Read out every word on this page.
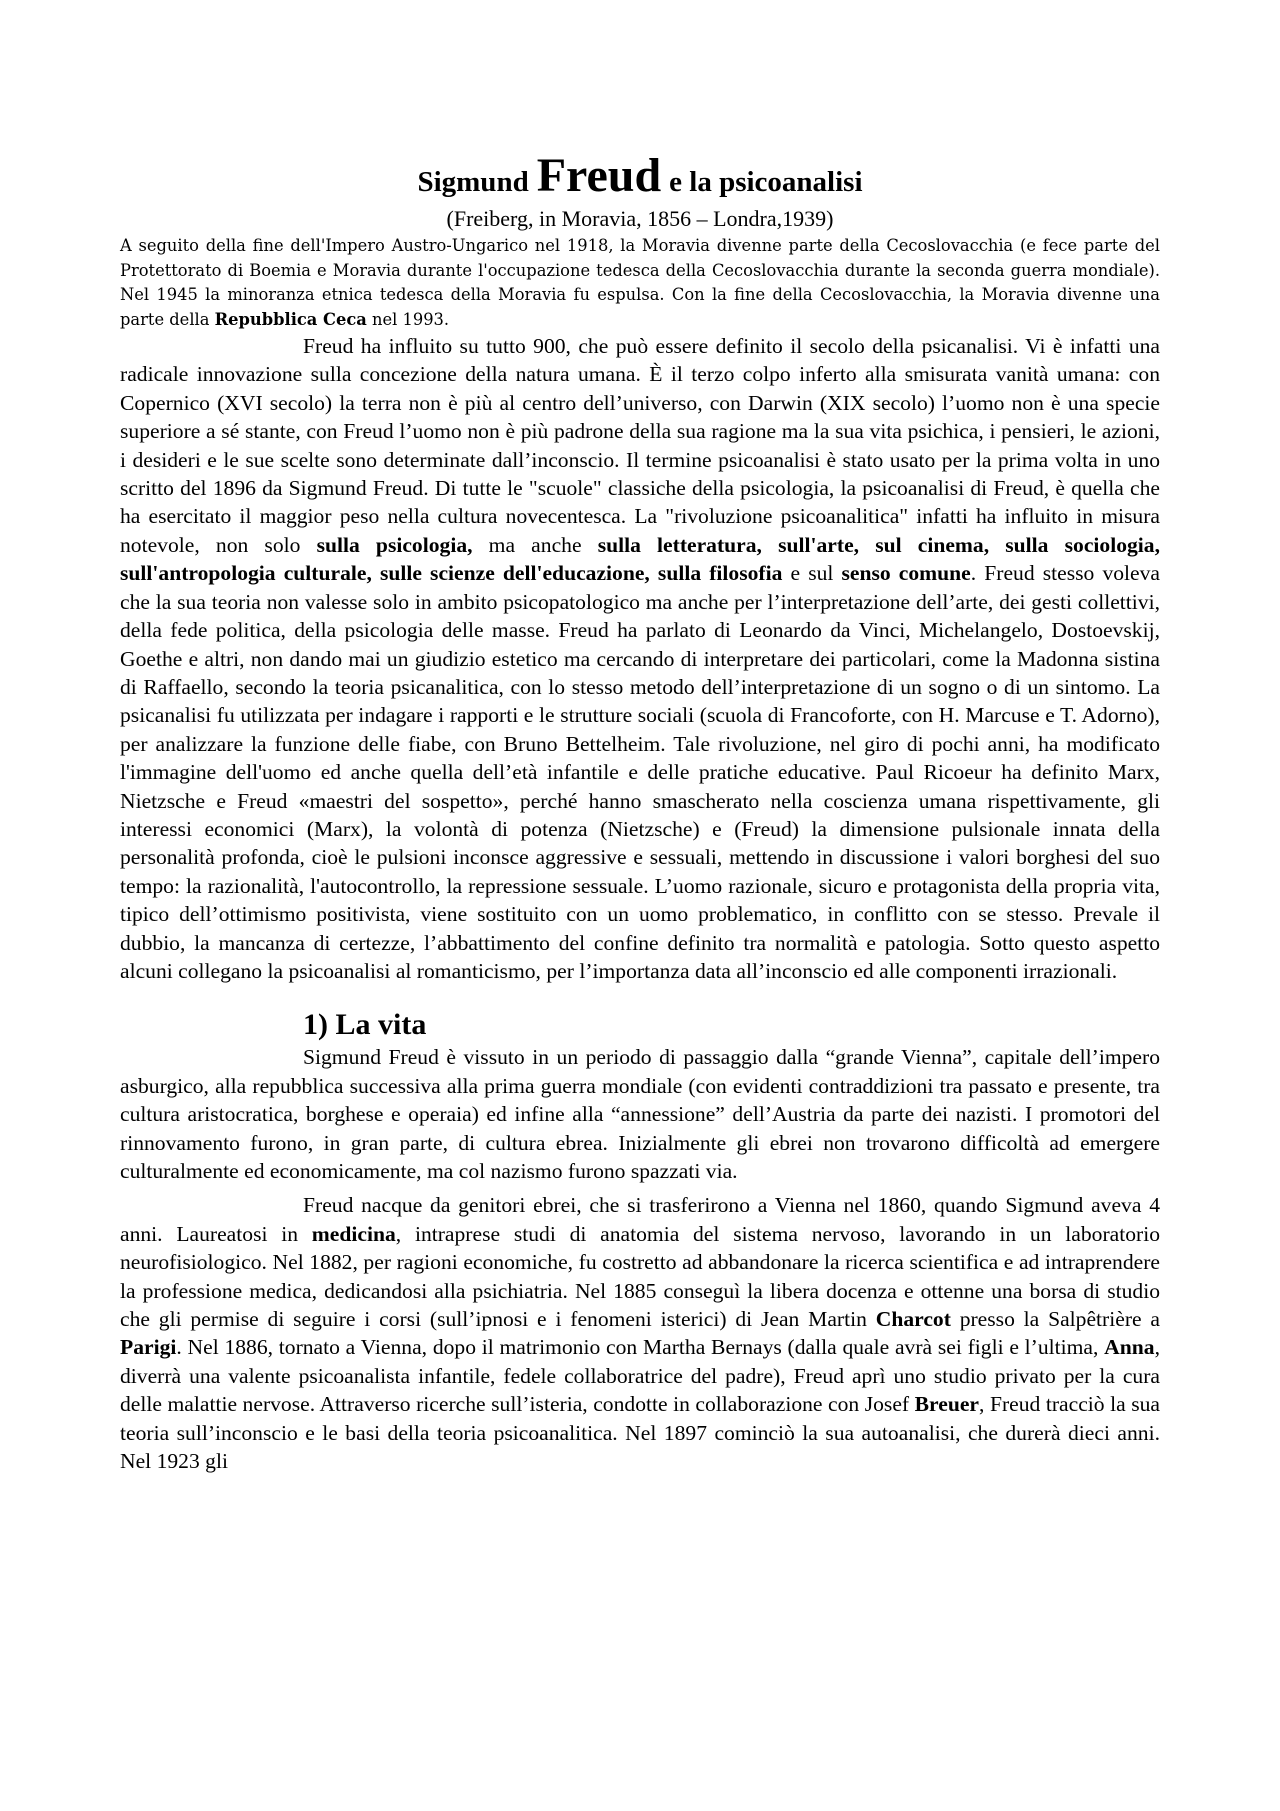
Sigmund Freud e la psicoanalisi

(Freiberg, in Moravia, 1856 – Londra,1939)

A seguito della fine dell'Impero Austro-Ungarico nel 1918, la Moravia divenne parte della Cecoslovacchia (e fece parte del Protettorato di Boemia e Moravia durante l'occupazione tedesca della Cecoslovacchia durante la seconda guerra mondiale). Nel 1945 la minoranza etnica tedesca della Moravia fu espulsa. Con la fine della Cecoslovacchia, la Moravia divenne una parte della Repubblica Ceca nel 1993.

Freud ha influito su tutto 900, che può essere definito il secolo della psicanalisi. Vi è infatti una radicale innovazione sulla concezione della natura umana. È il terzo colpo inferto alla smisurata vanità umana: con Copernico (XVI secolo) la terra non è più al centro dell’universo, con Darwin (XIX secolo) l’uomo non è una specie superiore a sé stante, con Freud l’uomo non è più padrone della sua ragione ma la sua vita psichica, i pensieri, le azioni, i desideri e le sue scelte sono determinate dall’inconscio. Il termine psicoanalisi è stato usato per la prima volta in uno scritto del 1896 da Sigmund Freud. Di tutte le "scuole" classiche della psicologia, la psicoanalisi di Freud, è quella che ha esercitato il maggior peso nella cultura novecentesca. La "rivoluzione psicoanalitica" infatti ha influito in misura notevole, non solo sulla psicologia, ma anche sulla letteratura, sull'arte, sul cinema, sulla sociologia, sull'antropologia culturale, sulle scienze dell'educazione, sulla filosofia e sul senso comune. Freud stesso voleva che la sua teoria non valesse solo in ambito psicopatologico ma anche per l’interpretazione dell’arte, dei gesti collettivi, della fede politica, della psicologia delle masse. Freud ha parlato di Leonardo da Vinci, Michelangelo, Dostoevskij, Goethe e altri, non dando mai un giudizio estetico ma cercando di interpretare dei particolari, come la Madonna sistina di Raffaello, secondo la teoria psicanalitica, con lo stesso metodo dell’interpretazione di un sogno o di un sintomo. La psicanalisi fu utilizzata per indagare i rapporti e le strutture sociali (scuola di Francoforte, con H. Marcuse e T. Adorno), per analizzare la funzione delle fiabe, con Bruno Bettelheim. Tale rivoluzione, nel giro di pochi anni, ha modificato l'immagine dell'uomo ed anche quella dell’età infantile e delle pratiche educative. Paul Ricoeur ha definito Marx, Nietzsche e Freud «maestri del sospetto», perché hanno smascherato nella coscienza umana rispettivamente, gli interessi economici (Marx), la volontà di potenza (Nietzsche) e (Freud) la dimensione pulsionale innata della personalità profonda, cioè le pulsioni inconsce aggressive e sessuali, mettendo in discussione i valori borghesi del suo tempo: la razionalità, l'autocontrollo, la repressione sessuale. L’uomo razionale, sicuro e protagonista della propria vita, tipico dell’ottimismo positivista, viene sostituito con un uomo problematico, in conflitto con se stesso. Prevale il dubbio, la mancanza di certezze, l’abbattimento del confine definito tra normalità e patologia. Sotto questo aspetto alcuni collegano la psicoanalisi al romanticismo, per l’importanza data all’inconscio ed alle componenti irrazionali.

1) La vita

Sigmund Freud è vissuto in un periodo di passaggio dalla “grande Vienna”, capitale dell’impero asburgico, alla repubblica successiva alla prima guerra mondiale (con evidenti contraddizioni tra passato e presente, tra cultura aristocratica, borghese e operaia) ed infine alla “annessione” dell’Austria da parte dei nazisti. I promotori del rinnovamento furono, in gran parte, di cultura ebrea. Inizialmente gli ebrei non trovarono difficoltà ad emergere culturalmente ed economicamente, ma col nazismo furono spazzati via.

Freud nacque da genitori ebrei, che si trasferirono a Vienna nel 1860, quando Sigmund aveva 4 anni. Laureatosi in medicina, intraprese studi di anatomia del sistema nervoso, lavorando in un laboratorio neurofisiologico. Nel 1882, per ragioni economiche, fu costretto ad abbandonare la ricerca scientifica e ad intraprendere la professione medica, dedicandosi alla psichiatria. Nel 1885 conseguì la libera docenza e ottenne una borsa di studio che gli permise di seguire i corsi (sull’ipnosi e i fenomeni isterici) di Jean Martin Charcot presso la Salpêtrière a Parigi. Nel 1886, tornato a Vienna, dopo il matrimonio con Martha Bernays (dalla quale avrà sei figli e l’ultima, Anna, diverrà una valente psicoanalista infantile, fedele collaboratrice del padre), Freud aprì uno studio privato per la cura delle malattie nervose. Attraverso ricerche sull’isteria, condotte in collaborazione con Josef Breuer, Freud tracciò la sua teoria sull’inconscio e le basi della teoria psicoanalitica. Nel 1897 cominciò la sua autoanalisi, che durerà dieci anni. Nel 1923 gli
